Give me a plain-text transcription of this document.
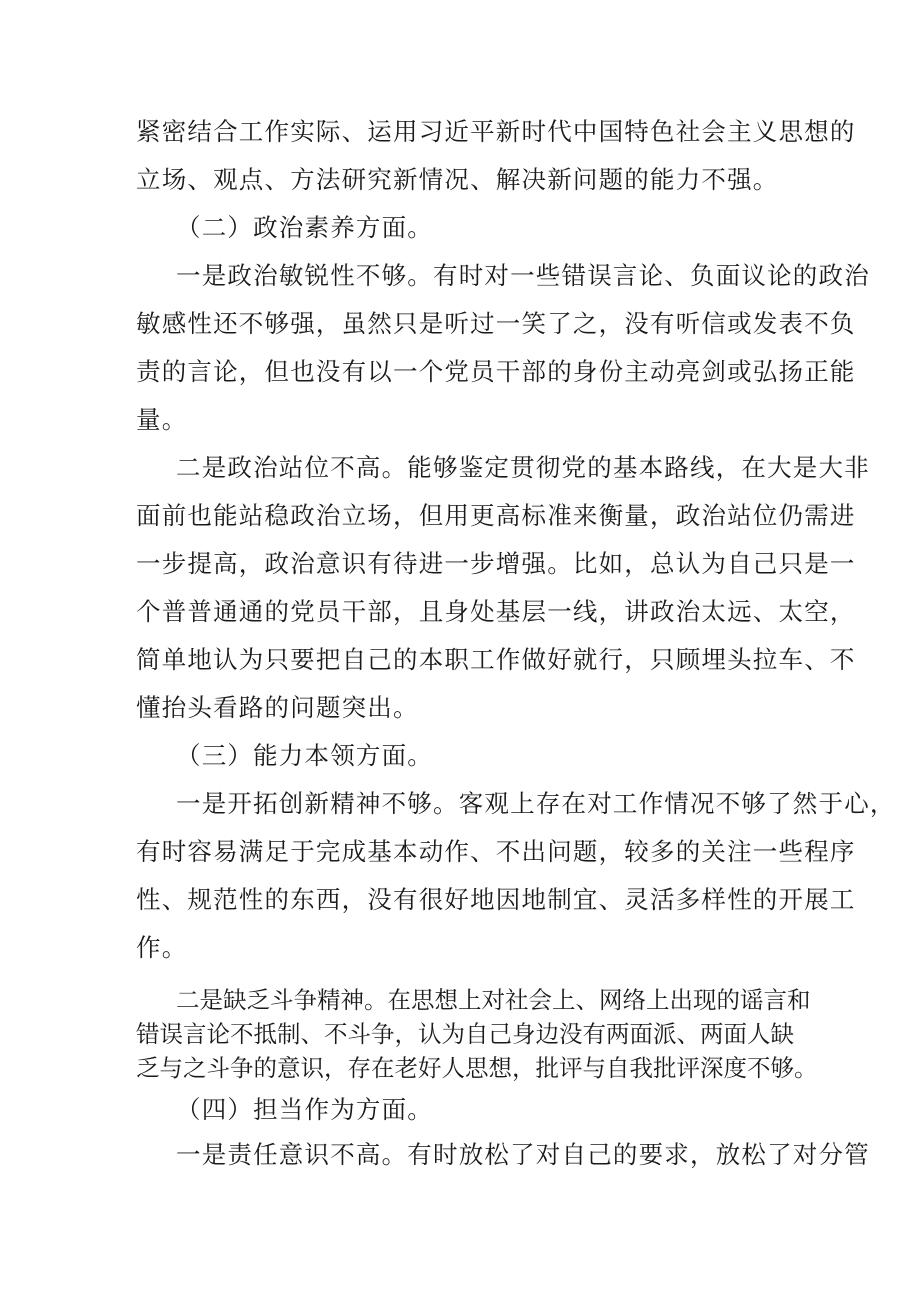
紧密结合工作实际、运用习近平新时代中国特色社会主义思想的
立场、观点、方法研究新情况、解决新问题的能力不强。
（二）政治素养方面。
一是政治敏锐性不够。有时对一些错误言论、负面议论的政治
敏感性还不够强，虽然只是听过一笑了之，没有听信或发表不负
责的言论，但也没有以一个党员干部的身份主动亮剑或弘扬正能
量。
二是政治站位不高。能够鉴定贯彻党的基本路线，在大是大非
面前也能站稳政治立场，但用更高标准来衡量，政治站位仍需进
一步提高，政治意识有待进一步增强。比如，总认为自己只是一
个普普通通的党员干部，且身处基层一线，讲政治太远、太空，
简单地认为只要把自己的本职工作做好就行，只顾埋头拉车、不
懂抬头看路的问题突出。
（三）能力本领方面。
一是开拓创新精神不够。客观上存在对工作情况不够了然于心，
有时容易满足于完成基本动作、不出问题，较多的关注一些程序
性、规范性的东西，没有很好地因地制宜、灵活多样性的开展工
作。
二是缺乏斗争精神。在思想上对社会上、网络上出现的谣言和
错误言论不抵制、不斗争，认为自己身边没有两面派、两面人缺
乏与之斗争的意识，存在老好人思想，批评与自我批评深度不够。
（四）担当作为方面。
一是责任意识不高。有时放松了对自己的要求，放松了对分管
